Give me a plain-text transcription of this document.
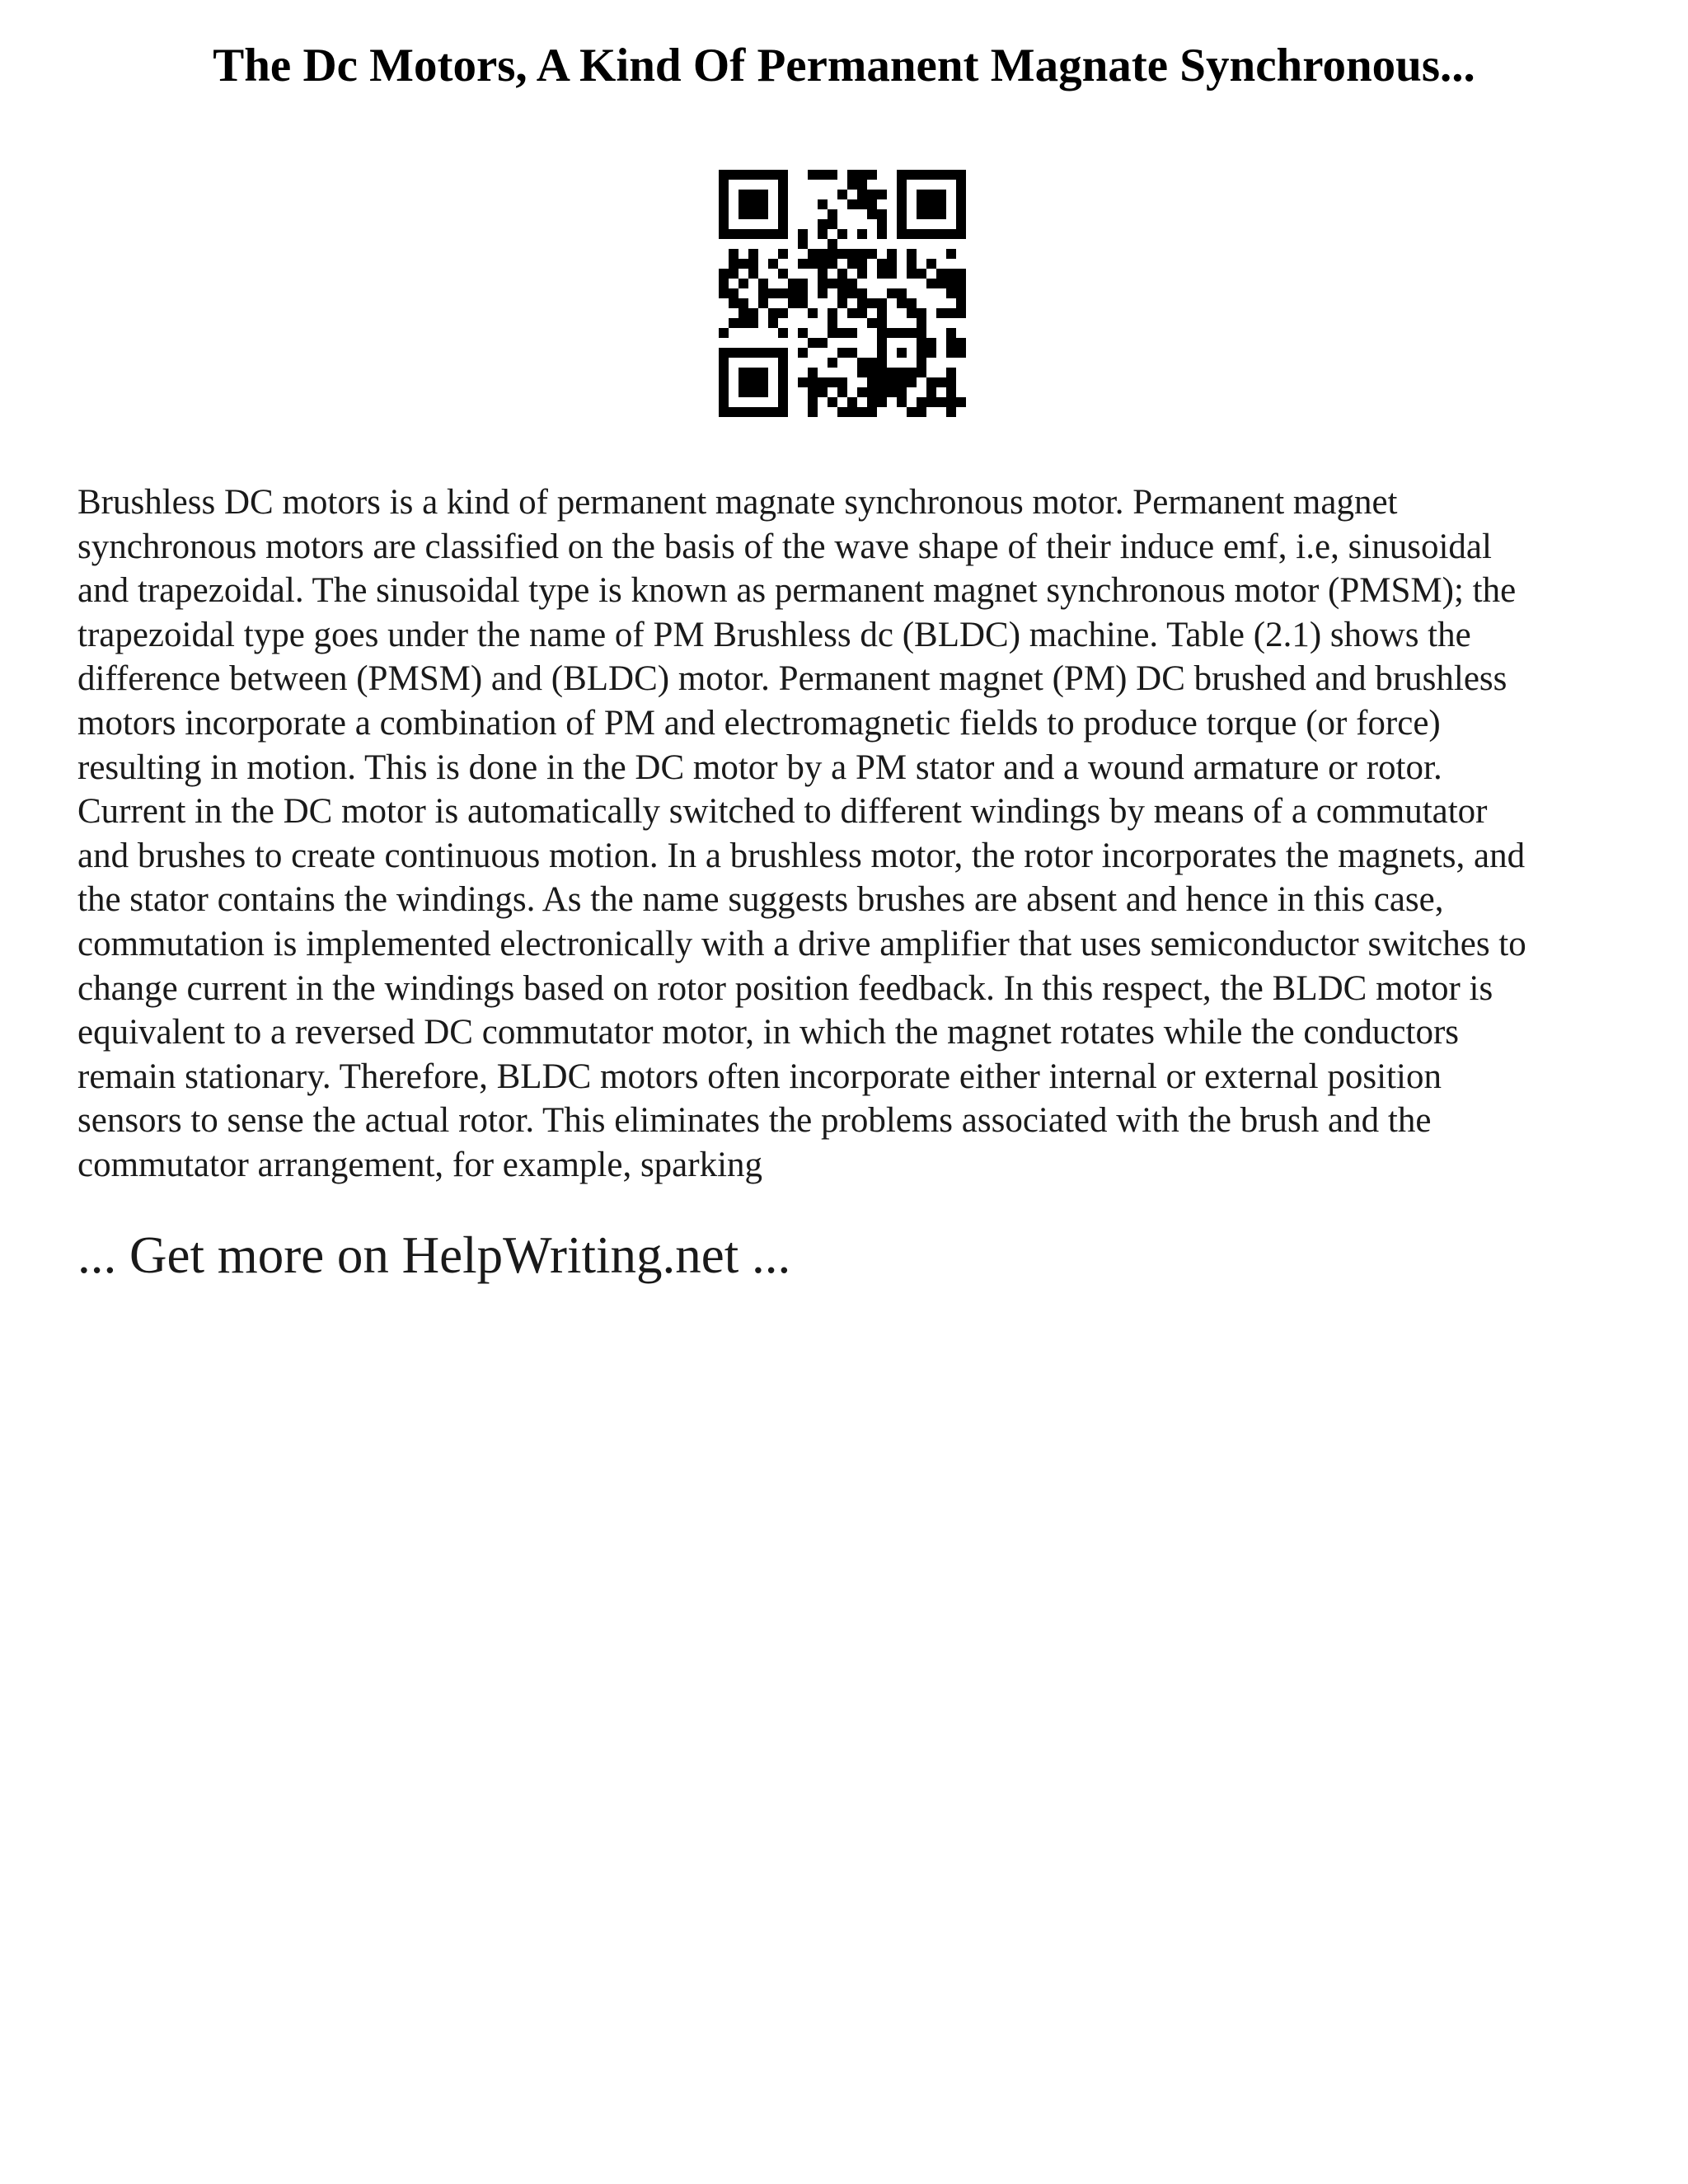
The Dc Motors, A Kind Of Permanent Magnate Synchronous...

Brushless DC motors is a kind of permanent magnate synchronous motor. Permanent magnet
synchronous motors are classified on the basis of the wave shape of their induce emf, i.e, sinusoidal
and trapezoidal. The sinusoidal type is known as permanent magnet synchronous motor (PMSM); the
trapezoidal type goes under the name of PM Brushless dc (BLDC) machine. Table (2.1) shows the
difference between (PMSM) and (BLDC) motor. Permanent magnet (PM) DC brushed and brushless
motors incorporate a combination of PM and electromagnetic fields to produce torque (or force)
resulting in motion. This is done in the DC motor by a PM stator and a wound armature or rotor.
Current in the DC motor is automatically switched to different windings by means of a commutator
and brushes to create continuous motion. In a brushless motor, the rotor incorporates the magnets, and
the stator contains the windings. As the name suggests brushes are absent and hence in this case,
commutation is implemented electronically with a drive amplifier that uses semiconductor switches to
change current in the windings based on rotor position feedback. In this respect, the BLDC motor is
equivalent to a reversed DC commutator motor, in which the magnet rotates while the conductors
remain stationary. Therefore, BLDC motors often incorporate either internal or external position
sensors to sense the actual rotor. This eliminates the problems associated with the brush and the
commutator arrangement, for example, sparking

... Get more on HelpWriting.net ...
